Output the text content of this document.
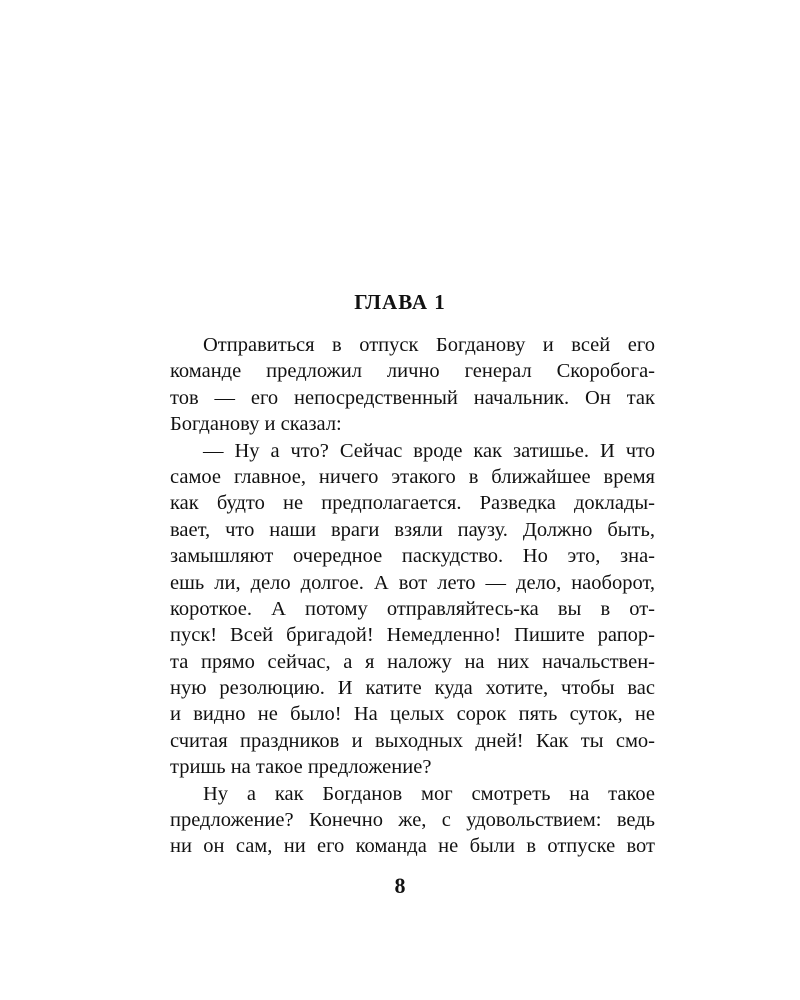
ГЛАВА 1
Отправиться в отпуск Богданову и всей его
команде предложил лично генерал Скоробога-
тов — его непосредственный начальник. Он так
Богданову и сказал:
— Ну а что? Сейчас вроде как затишье. И что
самое главное, ничего этакого в ближайшее время
как будто не предполагается. Разведка доклады-
вает, что наши враги взяли паузу. Должно быть,
замышляют очередное паскудство. Но это, зна-
ешь ли, дело долгое. А вот лето — дело, наоборот,
короткое. А потому отправляйтесь-ка вы в от-
пуск! Всей бригадой! Немедленно! Пишите рапор-
та прямо сейчас, а я наложу на них начальствен-
ную резолюцию. И катите куда хотите, чтобы вас
и видно не было! На целых сорок пять суток, не
считая праздников и выходных дней! Как ты смо-
тришь на такое предложение?
Ну а как Богданов мог смотреть на такое
предложение? Конечно же, с удовольствием: ведь
ни он сам, ни его команда не были в отпуске вот
8
